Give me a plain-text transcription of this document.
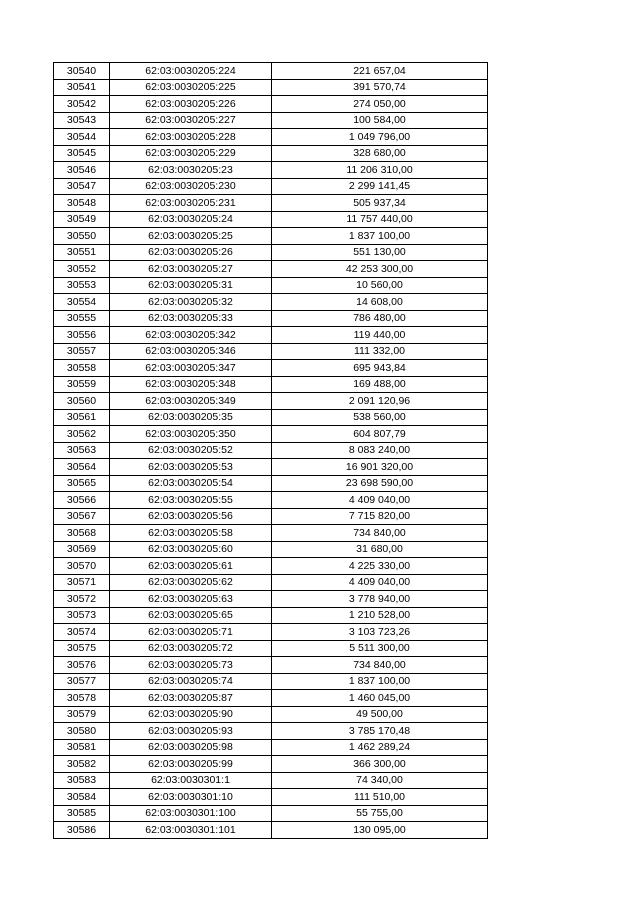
30540	62:03:0030205:224	221 657,04
30541	62:03:0030205:225	391 570,74
30542	62:03:0030205:226	274 050,00
30543	62:03:0030205:227	100 584,00
30544	62:03:0030205:228	1 049 796,00
30545	62:03:0030205:229	328 680,00
30546	62:03:0030205:23	11 206 310,00
30547	62:03:0030205:230	2 299 141,45
30548	62:03:0030205:231	505 937,34
30549	62:03:0030205:24	11 757 440,00
30550	62:03:0030205:25	1 837 100,00
30551	62:03:0030205:26	551 130,00
30552	62:03:0030205:27	42 253 300,00
30553	62:03:0030205:31	10 560,00
30554	62:03:0030205:32	14 608,00
30555	62:03:0030205:33	786 480,00
30556	62:03:0030205:342	119 440,00
30557	62:03:0030205:346	111 332,00
30558	62:03:0030205:347	695 943,84
30559	62:03:0030205:348	169 488,00
30560	62:03:0030205:349	2 091 120,96
30561	62:03:0030205:35	538 560,00
30562	62:03:0030205:350	604 807,79
30563	62:03:0030205:52	8 083 240,00
30564	62:03:0030205:53	16 901 320,00
30565	62:03:0030205:54	23 698 590,00
30566	62:03:0030205:55	4 409 040,00
30567	62:03:0030205:56	7 715 820,00
30568	62:03:0030205:58	734 840,00
30569	62:03:0030205:60	31 680,00
30570	62:03:0030205:61	4 225 330,00
30571	62:03:0030205:62	4 409 040,00
30572	62:03:0030205:63	3 778 940,00
30573	62:03:0030205:65	1 210 528,00
30574	62:03:0030205:71	3 103 723,26
30575	62:03:0030205:72	5 511 300,00
30576	62:03:0030205:73	734 840,00
30577	62:03:0030205:74	1 837 100,00
30578	62:03:0030205:87	1 460 045,00
30579	62:03:0030205:90	49 500,00
30580	62:03:0030205:93	3 785 170,48
30581	62:03:0030205:98	1 462 289,24
30582	62:03:0030205:99	366 300,00
30583	62:03:0030301:1	74 340,00
30584	62:03:0030301:10	111 510,00
30585	62:03:0030301:100	55 755,00
30586	62:03:0030301:101	130 095,00
